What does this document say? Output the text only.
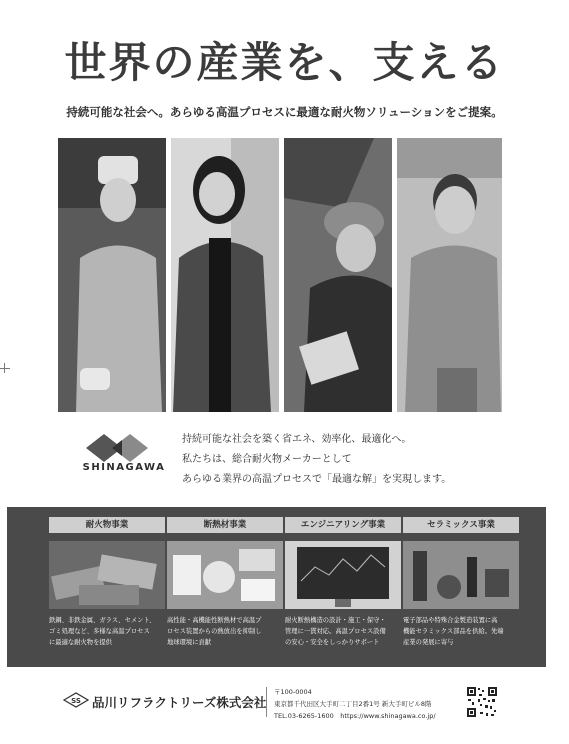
世界の産業を、支える
持続可能な社会へ。あらゆる高温プロセスに最適な耐火物ソリューションをご提案。
SHINAGAWA
持続可能な社会を築く省エネ、効率化、最適化へ。
私たちは、総合耐火物メーカーとして
あらゆる業界の高温プロセスで「最適な解」を実現します。
耐火物事業
鉄鋼、非鉄金属、ガラス、セメント、
ゴミ処理など、多様な高温プロセス
に最適な耐火物を提供
断熱材事業
高性能・高機能性断熱材で高温プ
ロセス装置からの熱放出を抑制し
地球環境に貢献
エンジニアリング事業
耐火断熱構造の設計・施工・保守・
管理に一貫対応。高温プロセス設備
の安心・安全をしっかりサポート
セラミックス事業
電子部品や特殊合金製造装置に高
機能セラミックス部品を供給。先端
産業の発展に寄与
SS 品川リフラクトリーズ株式会社
〒100-0004
東京都千代田区大手町二丁目2番1号 新大手町ビル8階
TEL.03-6265-1600　https://www.shinagawa.co.jp/
